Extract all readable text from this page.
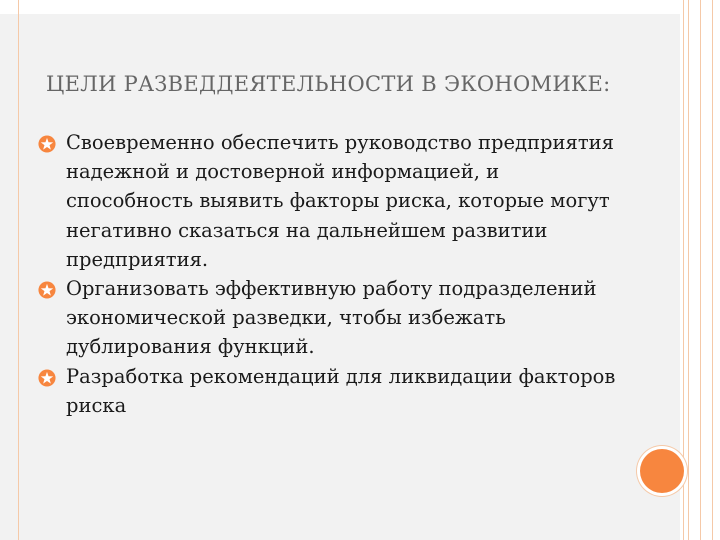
ЦЕЛИ РАЗВЕДДЕЯТЕЛЬНОСТИ В ЭКОНОМИКЕ:
Своевременно обеспечить руководство предприятия надежной и достоверной информацией, и способность выявить факторы риска, которые могут негативно сказаться на дальнейшем развитии предприятия.
Организовать эффективную работу подразделений экономической разведки, чтобы избежать дублирования функций.
Разработка рекомендаций для ликвидации факторов риска
